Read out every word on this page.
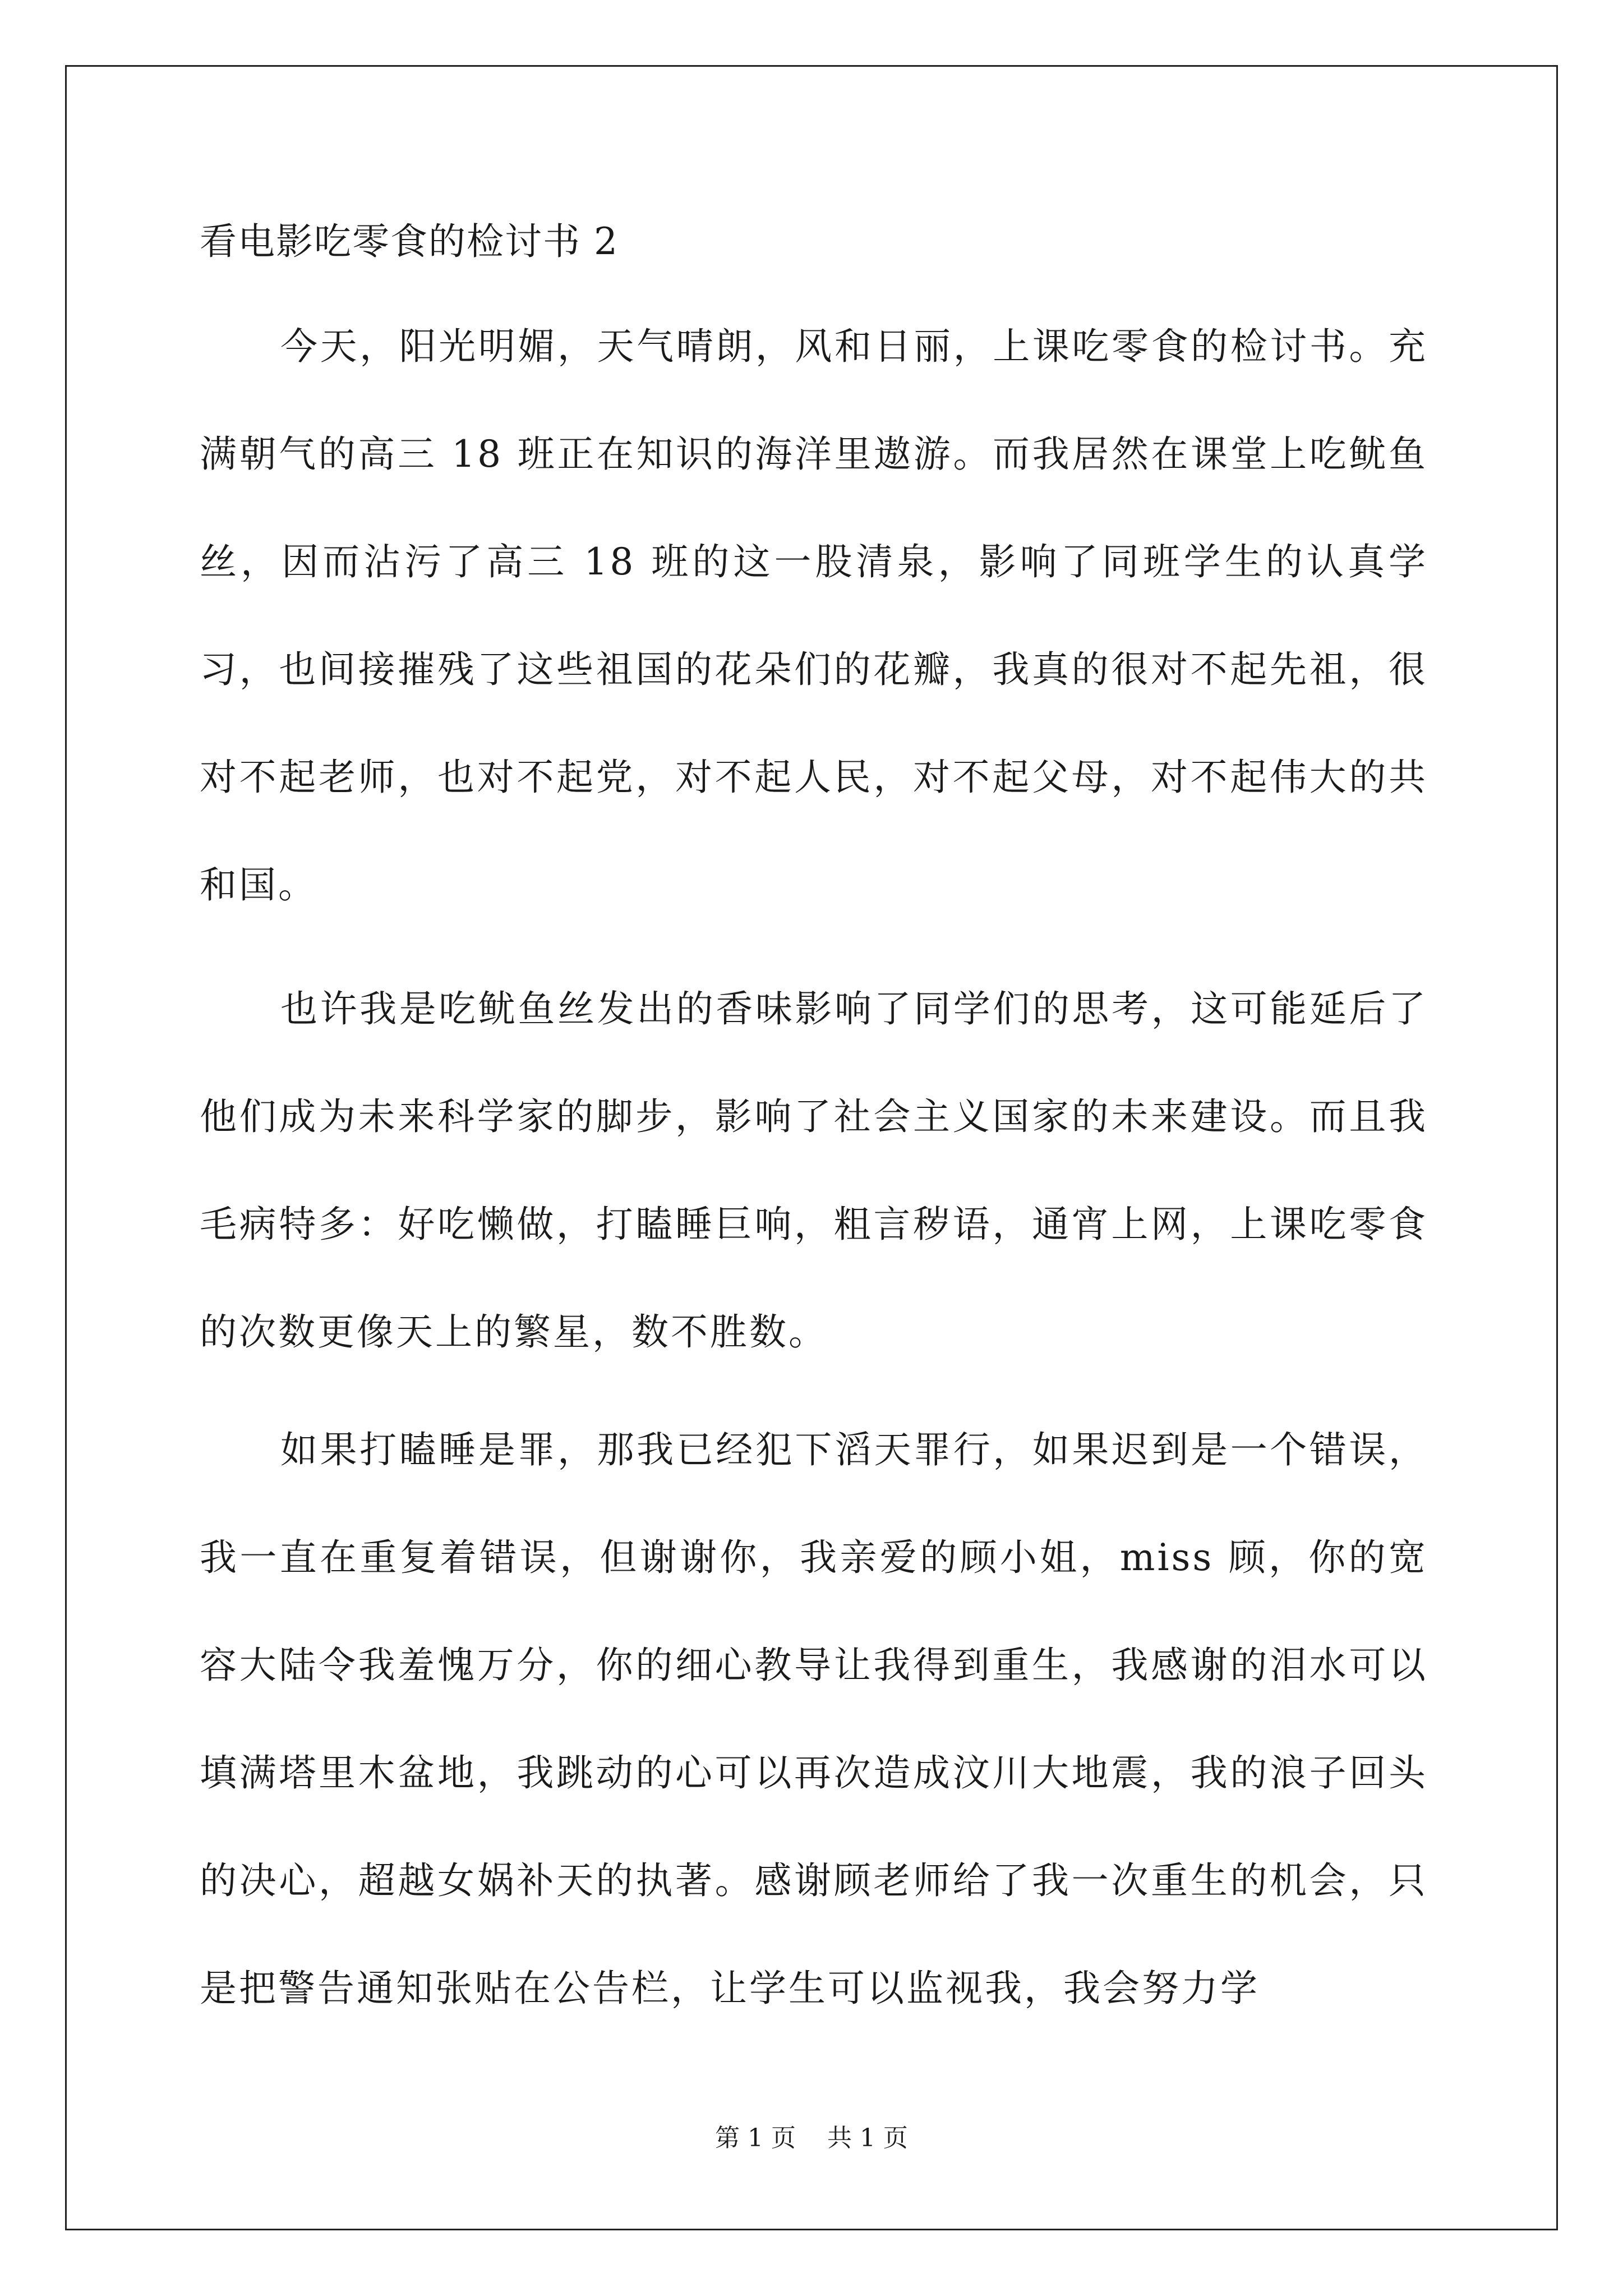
看电影吃零食的检讨书 2

今天，阳光明媚，天气晴朗，风和日丽，上课吃零食的检讨书。充满朝气的高三 18 班正在知识的海洋里遨游。而我居然在课堂上吃鱿鱼丝，因而沾污了高三 18 班的这一股清泉，影响了同班学生的认真学习，也间接摧残了这些祖国的花朵们的花瓣，我真的很对不起先祖，很对不起老师，也对不起党，对不起人民，对不起父母，对不起伟大的共和国。

也许我是吃鱿鱼丝发出的香味影响了同学们的思考，这可能延后了他们成为未来科学家的脚步，影响了社会主义国家的未来建设。而且我毛病特多：好吃懒做，打瞌睡巨响，粗言秽语，通宵上网，上课吃零食的次数更像天上的繁星，数不胜数。

如果打瞌睡是罪，那我已经犯下滔天罪行，如果迟到是一个错误，我一直在重复着错误，但谢谢你，我亲爱的顾小姐，miss 顾，你的宽容大陆令我羞愧万分，你的细心教导让我得到重生，我感谢的泪水可以填满塔里木盆地，我跳动的心可以再次造成汶川大地震，我的浪子回头的决心，超越女娲补天的执著。感谢顾老师给了我一次重生的机会，只是把警告通知张贴在公告栏，让学生可以监视我，我会努力学

第 1 页    共 1 页
